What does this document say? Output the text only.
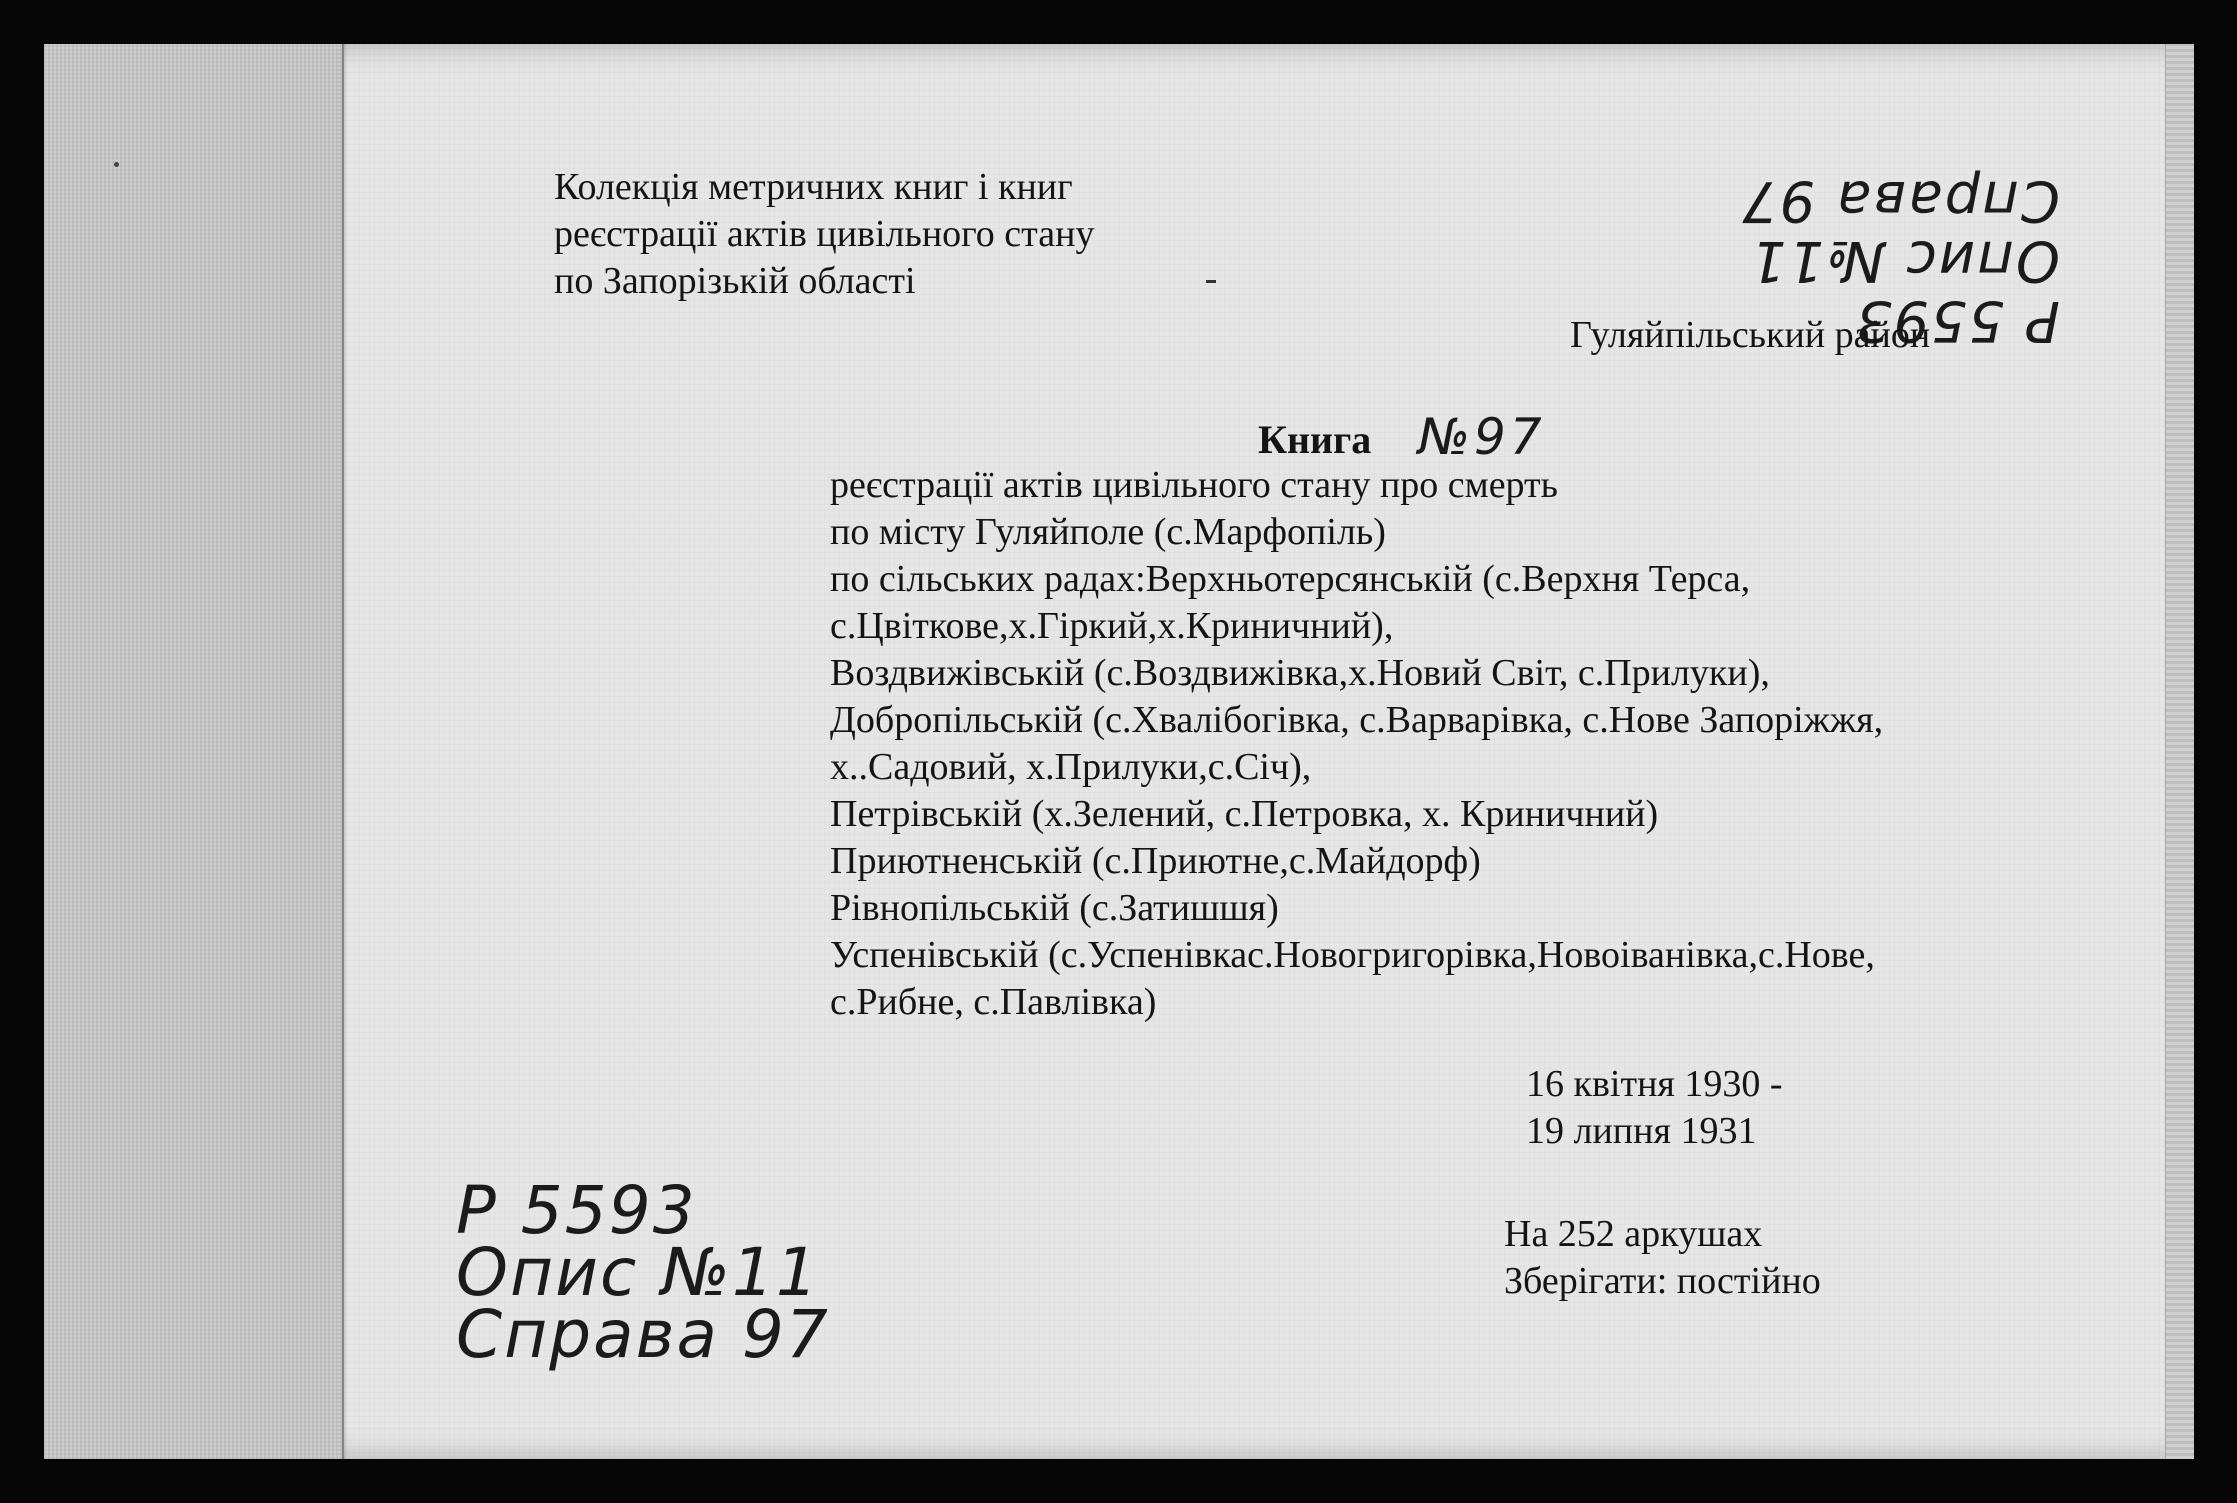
Колекція метричних книг і книг
реєстрації актів цивільного стану
по Запорізькій області
Р 5593
Опис №11
Справа 97
Гуляйпільський район
Книга №97
реєстрації актів цивільного стану про смерть
по місту Гуляйполе (с.Марфопіль)
по сільських радах:Верхньотерсянській (с.Верхня Терса,
с.Цвіткове,х.Гіркий,х.Криничний),
Воздвижівській (с.Воздвижівка,х.Новий Світ, с.Прилуки),
Добропільській (с.Хвалібогівка, с.Варварівка, с.Нове Запоріжжя,
х..Садовий, х.Прилуки,с.Січ),
Петрівській (х.Зелений, с.Петровка, х. Криничний)
Приютненській (с.Приютне,с.Майдорф)
Рівнопільській (с.Затишшя)
Успенівській (с.Успенівкас.Новогригорівка,Новоіванівка,с.Нове,
с.Рибне, с.Павлівка)
16 квітня 1930 -
19 липня 1931
На 252 аркушах
Зберігати: постійно
Р 5593
Опис №11
Справа 97
